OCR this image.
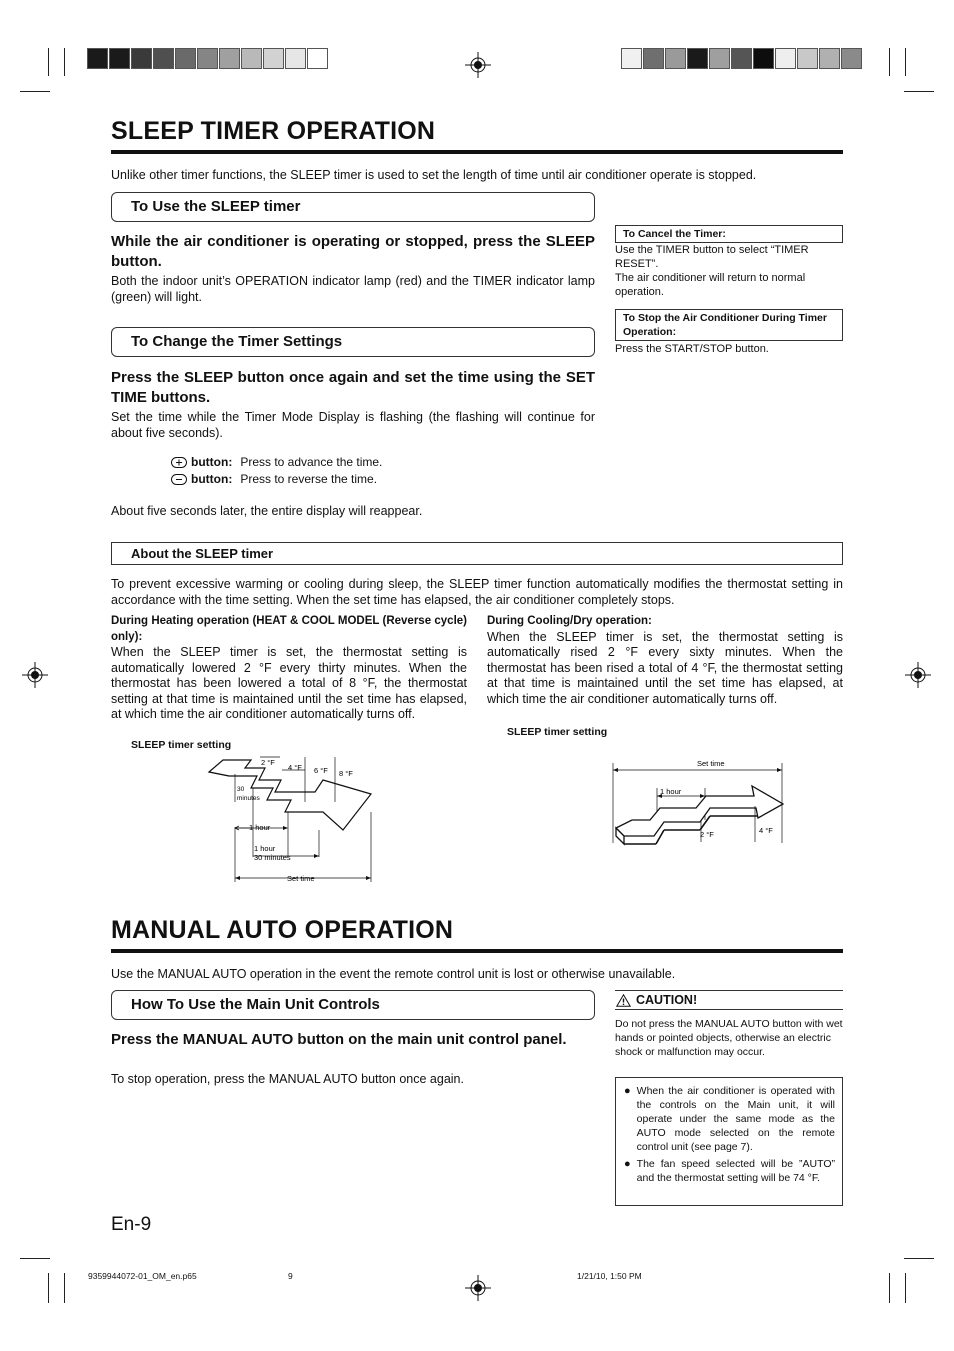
SLEEP TIMER OPERATION
Unlike other timer functions, the SLEEP timer is used to set the length of time until air conditioner operate is stopped.
To Use the SLEEP timer
While the air conditioner is operating or stopped, press the SLEEP button.
Both the indoor unit’s OPERATION indicator lamp (red) and the TIMER indicator lamp (green) will light.
To Change the Timer Settings
Press the SLEEP button once again and set the time using the SET TIME buttons.
Set the time while the Timer Mode Display is flashing (the flashing will continue for about five seconds).
button: Press to advance the time.
button: Press to reverse the time.
About five seconds later, the entire display will reappear.
To Cancel the Timer:
Use the TIMER button to select “TIMER RESET”.
The air conditioner will return to normal operation.
To Stop the Air Conditioner During Timer Operation:
Press the START/STOP button.
About the SLEEP timer
To prevent excessive warming or cooling during sleep, the SLEEP timer function automatically modifies the thermostat setting in accordance with the time setting. When the set time has elapsed, the air conditioner completely stops.
During Heating operation (HEAT & COOL MODEL (Reverse cycle) only):
When the SLEEP timer is set, the thermostat setting is automatically lowered 2 °F every thirty minutes. When the thermostat has been lowered a total of 8 °F, the thermostat setting at that time is maintained until the set time has elapsed, at which time the air conditioner automatically turns off.
During Cooling/Dry operation:
When the SLEEP timer is set, the thermostat setting is automatically rised 2 °F every sixty minutes. When the thermostat has been rised a total of 4 °F, the thermostat setting at that time is maintained until the set time has elapsed, at which time the air conditioner automatically turns off.
SLEEP timer setting
2 °F
4 °F 6 °F 8 °F
30
minutes
1 hour
1 hour
30 minutes
Set time
SLEEP timer setting
Set time
1 hour
2 °F	4 °F
MANUAL AUTO OPERATION
Use the MANUAL AUTO operation in the event the remote control unit is lost or otherwise unavailable.
How To Use the Main Unit Controls
Press the MANUAL AUTO button on the main unit control panel.
To stop operation, press the MANUAL AUTO button once again.
CAUTION!
Do not press the MANUAL AUTO button with wet hands or pointed objects, otherwise an electric shock or malfunction may occur.
● When the air conditioner is operated with the controls on the Main unit, it will operate under the same mode as the AUTO mode selected on the remote control unit (see page 7).
● The fan speed selected will be ”AUTO” and the thermostat setting will be 74 °F.
En-9
9359944072-01_OM_en.p65	9	1/21/10, 1:50 PM
